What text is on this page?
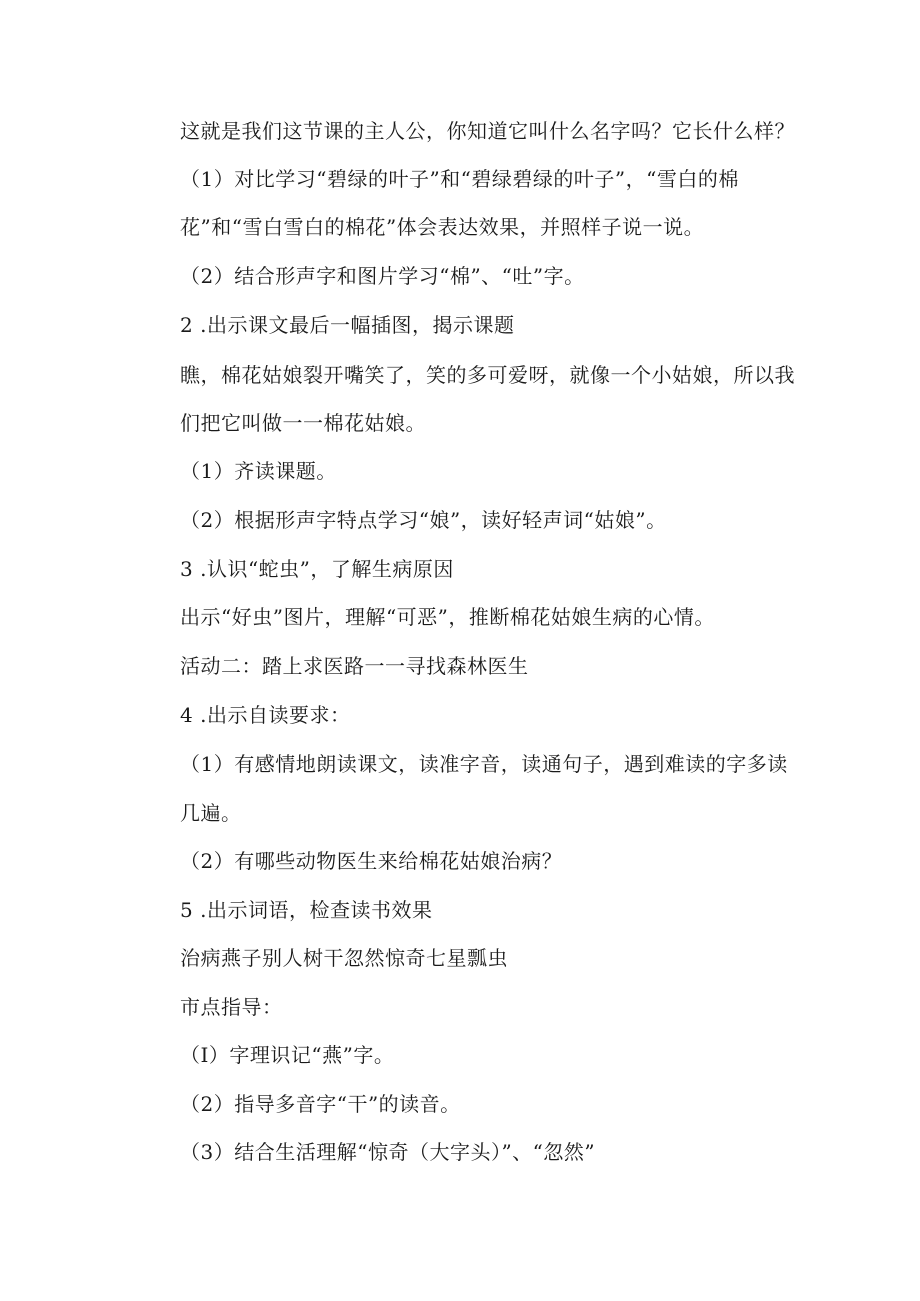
这就是我们这节课的主人公，你知道它叫什么名字吗？它长什么样？
（1）对比学习“碧绿的叶子”和“碧绿碧绿的叶子”，“雪白的棉
花”和“雪白雪白的棉花”体会表达效果，并照样子说一说。
（2）结合形声字和图片学习“棉”、“吐”字。
2 .出示课文最后一幅插图，揭示课题
瞧，棉花姑娘裂开嘴笑了，笑的多可爱呀，就像一个小姑娘，所以我
们把它叫做一一棉花姑娘。
（1）齐读课题。
（2）根据形声字特点学习“娘”，读好轻声词“姑娘”。
3 .认识“蛇虫”，了解生病原因
出示“好虫”图片，理解“可恶”，推断棉花姑娘生病的心情。
活动二：踏上求医路一一寻找森林医生
4 .出示自读要求：
（1）有感情地朗读课文，读准字音，读通句子，遇到难读的字多读
几遍。
（2）有哪些动物医生来给棉花姑娘治病？
5 .出示词语，检查读书效果
治病燕子别人树干忽然惊奇七星瓢虫
市点指导：
（I）字理识记“燕”字。
（2）指导多音字“干”的读音。
（3）结合生活理解“惊奇（大字头）”、“忽然”
